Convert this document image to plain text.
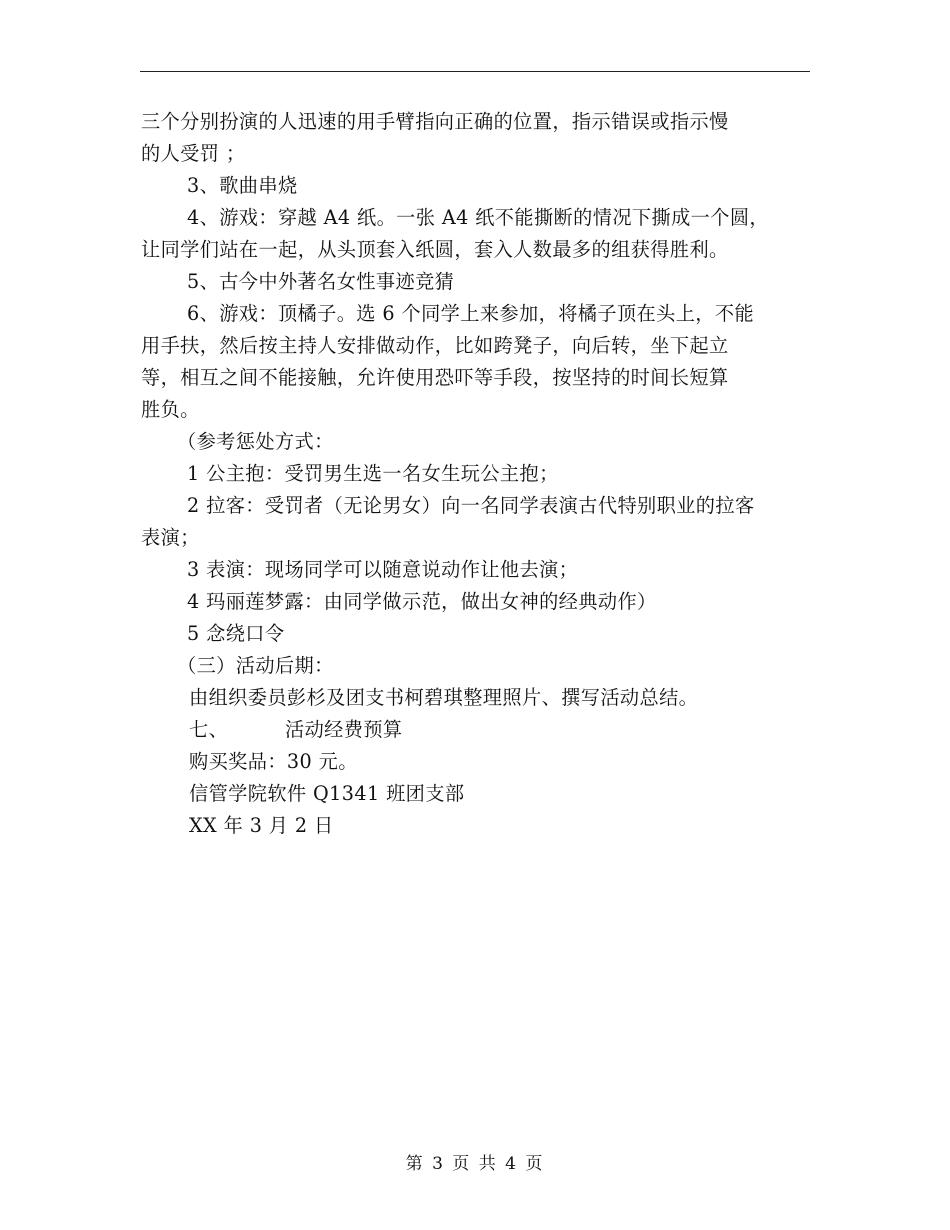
三个分别扮演的人迅速的用手臂指向正确的位置，指示错误或指示慢
的人受罚 ；
3、歌曲串烧
4、游戏：穿越 A4 纸。一张 A4 纸不能撕断的情况下撕成一个圆，
让同学们站在一起，从头顶套入纸圆，套入人数最多的组获得胜利。
5、古今中外著名女性事迹竞猜
6、游戏：顶橘子。选 6 个同学上来参加，将橘子顶在头上，不能
用手扶，然后按主持人安排做动作，比如跨凳子，向后转，坐下起立
等，相互之间不能接触，允许使用恐吓等手段，按坚持的时间长短算
胜负。
（参考惩处方式：
1 公主抱：受罚男生选一名女生玩公主抱；
2 拉客：受罚者（无论男女）向一名同学表演古代特别职业的拉客
表演；
3 表演：现场同学可以随意说动作让他去演；
4 玛丽莲梦露：由同学做示范，做出女神的经典动作）
5 念绕口令
（三）活动后期：
由组织委员彭杉及团支书柯碧琪整理照片、撰写活动总结。
七、	活动经费预算
购买奖品：30 元。
信管学院软件 Q1341 班团支部
XX 年 3 月 2 日
第 3 页 共 4 页
